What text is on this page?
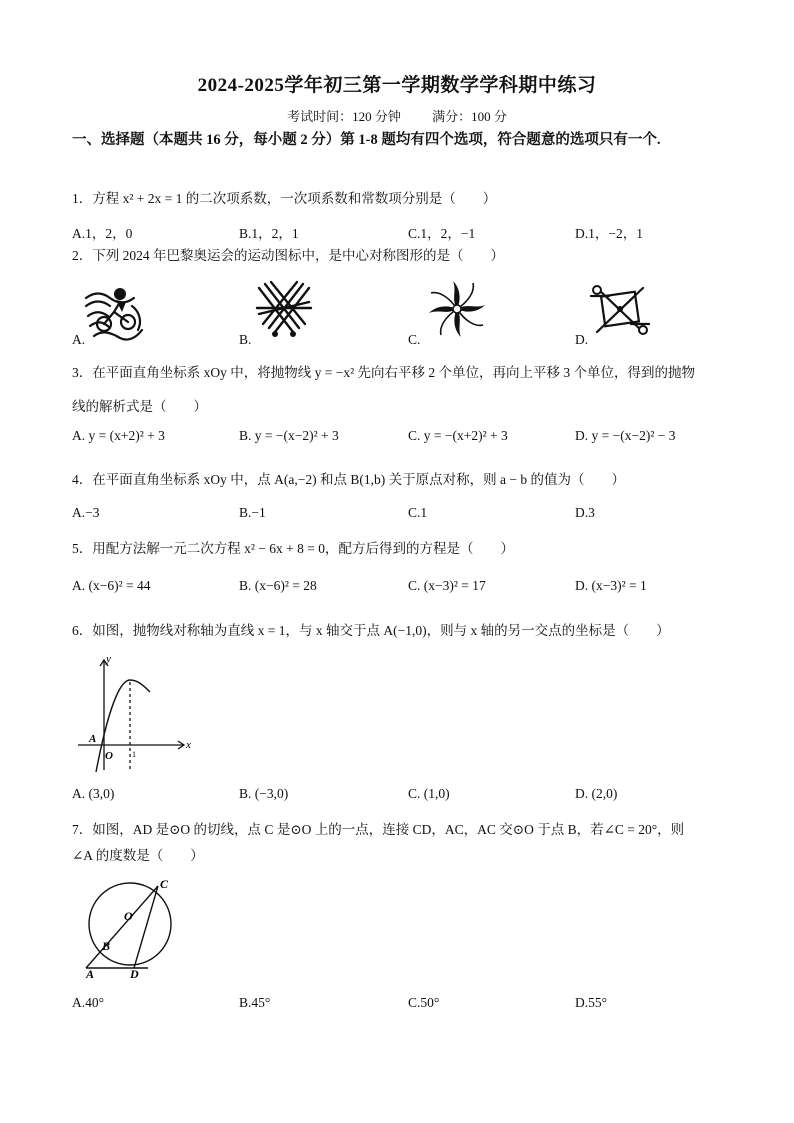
2024-2025学年初三第一学期数学学科期中练习
考试时间：120 分钟 满分：100 分
一、选择题（本题共 16 分，每小题 2 分）第 1-8 题均有四个选项，符合题意的选项只有一个.
1．方程 x² + 2x = 1 的二次项系数，一次项系数和常数项分别是（　　）
A.1，2，0	B.1，2，1	C.1，2，−1	D.1，−2，1
2．下列 2024 年巴黎奥运会的运动图标中，是中心对称图形的是（　　）
A.	B.	C.	D.
3．在平面直角坐标系 xOy 中，将抛物线 y = −x² 先向右平移 2 个单位，再向上平移 3 个单位，得到的抛物
线的解析式是（　　）
A. y = (x+2)² + 3	B. y = −(x−2)² + 3	C. y = −(x+2)² + 3	D. y = −(x−2)² − 3
4．在平面直角坐标系 xOy 中，点 A(a,−2) 和点 B(1,b) 关于原点对称，则 a − b 的值为（　　）
A.−3	B.−1	C.1	D.3
5．用配方法解一元二次方程 x² − 6x + 8 = 0，配方后得到的方程是（　　）
A. (x−6)² = 44	B. (x−6)² = 28	C. (x−3)² = 17	D. (x−3)² = 1
6．如图，抛物线对称轴为直线 x = 1，与 x 轴交于点 A(−1,0)，则与 x 轴的另一交点的坐标是（　　）
y
x
A
O 1
A. (3,0)	B. (−3,0)	C. (1,0)	D. (2,0)
7．如图，AD 是⊙O 的切线，点 C 是⊙O 上的一点，连接 CD，AC，AC 交⊙O 于点 B，若∠C = 20°，则
∠A 的度数是（　　）
C
O
B
A	D
A.40°	B.45°	C.50°	D.55°
